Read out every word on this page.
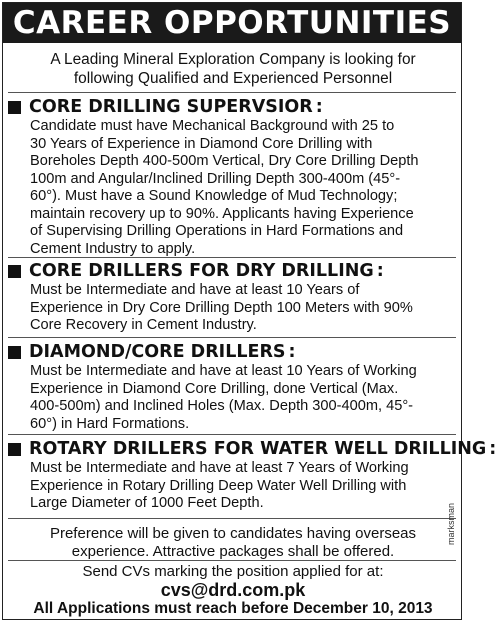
CAREER OPPORTUNITIES
A Leading Mineral Exploration Company is looking for
following Qualified and Experienced Personnel
CORE DRILLING SUPERVSIOR :
Candidate must have Mechanical Background with 25 to
30 Years of Experience in Diamond Core Drilling with
Boreholes Depth 400-500m Vertical, Dry Core Drilling Depth
100m and Angular/Inclined Drilling Depth 300-400m (45°-
60°). Must have a Sound Knowledge of Mud Technology;
maintain recovery up to 90%. Applicants having Experience
of Supervising Drilling Operations in Hard Formations and
Cement Industry to apply.
CORE DRILLERS FOR DRY DRILLING :
Must be Intermediate and have at least 10 Years of
Experience in Dry Core Drilling Depth 100 Meters with 90%
Core Recovery in Cement Industry.
DIAMOND/CORE DRILLERS :
Must be Intermediate and have at least 10 Years of Working
Experience in Diamond Core Drilling, done Vertical (Max.
400-500m) and Inclined Holes (Max. Depth 300-400m, 45°-
60°) in Hard Formations.
ROTARY DRILLERS FOR WATER WELL DRILLING :
Must be Intermediate and have at least 7 Years of Working
Experience in Rotary Drilling Deep Water Well Drilling with
Large Diameter of 1000 Feet Depth.
Preference will be given to candidates having overseas
experience. Attractive packages shall be offered.
Send CVs marking the position applied for at:
cvs@drd.com.pk
All Applications must reach before December 10, 2013
marksman
